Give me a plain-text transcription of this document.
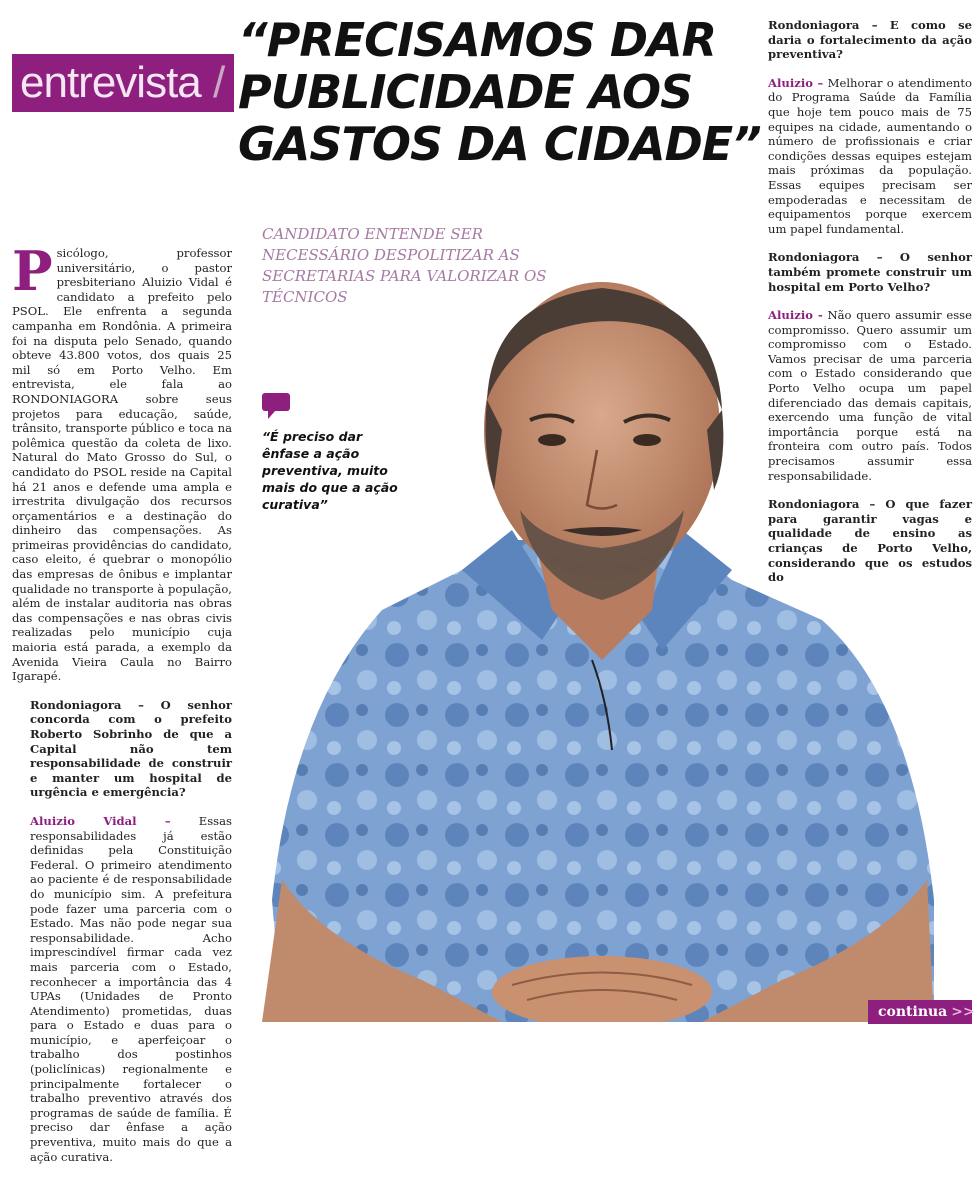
entrevista /
“PRECISAMOS DAR
PUBLICIDADE AOS
GASTOS DA CIDADE”
CANDIDATO ENTENDE SER NECESSÁRIO DESPOLITIZAR AS SECRETARIAS PARA VALORIZAR OS TÉCNICOS
“É preciso dar ênfase a ação preventiva, muito mais do que a ação curativa”

Psicólogo, professor universitário, o pastor presbiteriano Aluizio Vidal é candidato a prefeito pelo PSOL. Ele enfrenta a segunda campanha em Rondônia. A primeira foi na disputa pelo Senado, quando obteve 43.800 votos, dos quais 25 mil só em Porto Velho. Em entrevista, ele fala ao RONDONIAGORA sobre seus projetos para educação, saúde, trânsito, transporte público e toca na polêmica questão da coleta de lixo. Natural do Mato Grosso do Sul, o candidato do PSOL reside na Capital há 21 anos e defende uma ampla e irrestrita divulgação dos recursos orçamentários e a destinação do dinheiro das compensações. As primeiras providências do candidato, caso eleito, é quebrar o monopólio das empresas de ônibus e implantar qualidade no transporte à população, além de instalar auditoria nas obras das compensações e nas obras civis realizadas pelo município cuja maioria está parada, a exemplo da Avenida Vieira Caula no Bairro Igarapé.

Rondoniagora – O senhor concorda com o prefeito Roberto Sobrinho de que a Capital não tem responsabilidade de construir e manter um hospital de urgência e emergência?

Aluizio Vidal – Essas responsabilidades já estão definidas pela Constituição Federal. O primeiro atendimento ao paciente é de responsabilidade do município sim. A prefeitura pode fazer uma parceria com o Estado. Mas não pode negar sua responsabilidade. Acho imprescindível firmar cada vez mais parceria com o Estado, reconhecer a importância das 4 UPAs (Unidades de Pronto Atendimento) prometidas, duas para o Estado e duas para o município, e aperfeiçoar o trabalho dos postinhos (policlínicas) regionalmente e principalmente fortalecer o trabalho preventivo através dos programas de saúde de família. É preciso dar ênfase a ação preventiva, muito mais do que a ação curativa.

Rondoniagora – E como se daria o fortalecimento da ação preventiva?

Aluizio – Melhorar o atendimento do Programa Saúde da Família que hoje tem pouco mais de 75 equipes na cidade, aumentando o número de profissionais e criar condições dessas equipes estejam mais próximas da população. Essas equipes precisam ser empoderadas e necessitam de equipamentos porque exercem um papel fundamental.

Rondoniagora – O senhor também promete construir um hospital em Porto Velho?

Aluizio - Não quero assumir esse compromisso. Quero assumir um compromisso com o Estado. Vamos precisar de uma parceria com o Estado considerando que Porto Velho ocupa um papel diferenciado das demais capitais, exercendo uma função de vital importância porque está na fronteira com outro país. Todos precisamos assumir essa responsabilidade.

Rondoniagora – O que fazer para garantir vagas e qualidade de ensino as crianças de Porto Velho, considerando que os estudos do

continua >>
